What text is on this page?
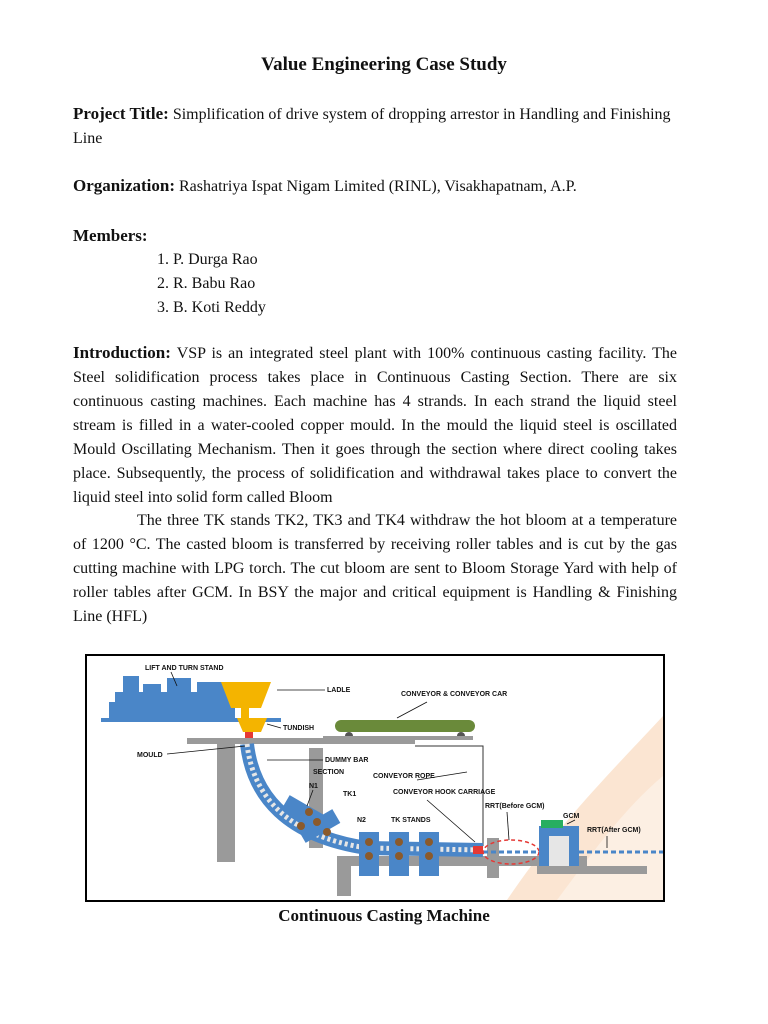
Value Engineering Case Study
Project Title: Simplification of drive system of dropping arrestor in Handling and Finishing Line
Organization: Rashatriya Ispat Nigam Limited (RINL), Visakhapatnam, A.P.
Members:
1. P. Durga Rao
2. R. Babu Rao
3. B. Koti Reddy
Introduction: VSP is an integrated steel plant with 100% continuous casting facility. The Steel solidification process takes place in Continuous Casting Section. There are six continuous casting machines. Each machine has 4 strands. In each strand the liquid steel stream is filled in a water-cooled copper mould. In the mould the liquid steel is oscillated Mould Oscillating Mechanism. Then it goes through the section where direct cooling takes place. Subsequently, the process of solidification and withdrawal takes place to convert the liquid steel into solid form called Bloom
The three TK stands TK2, TK3 and TK4 withdraw the hot bloom at a temperature of 1200 °C. The casted bloom is transferred by receiving roller tables and is cut by the gas cutting machine with LPG torch. The cut bloom are sent to Bloom Storage Yard with help of roller tables after GCM. In BSY the major and critical equipment is Handling & Finishing Line (HFL)
LIFT AND TURN STAND
LADLE
CONVEYOR & CONVEYOR CAR
TUNDISH
MOULD
DUMMY BAR
SECTION
CONVEYOR ROPE
N1
TK1	CONVEYOR HOOK CARRIAGE
RRT(Before GCM)
GCM
RRT(After GCM)
N2	TK STANDS
Continuous Casting Machine
